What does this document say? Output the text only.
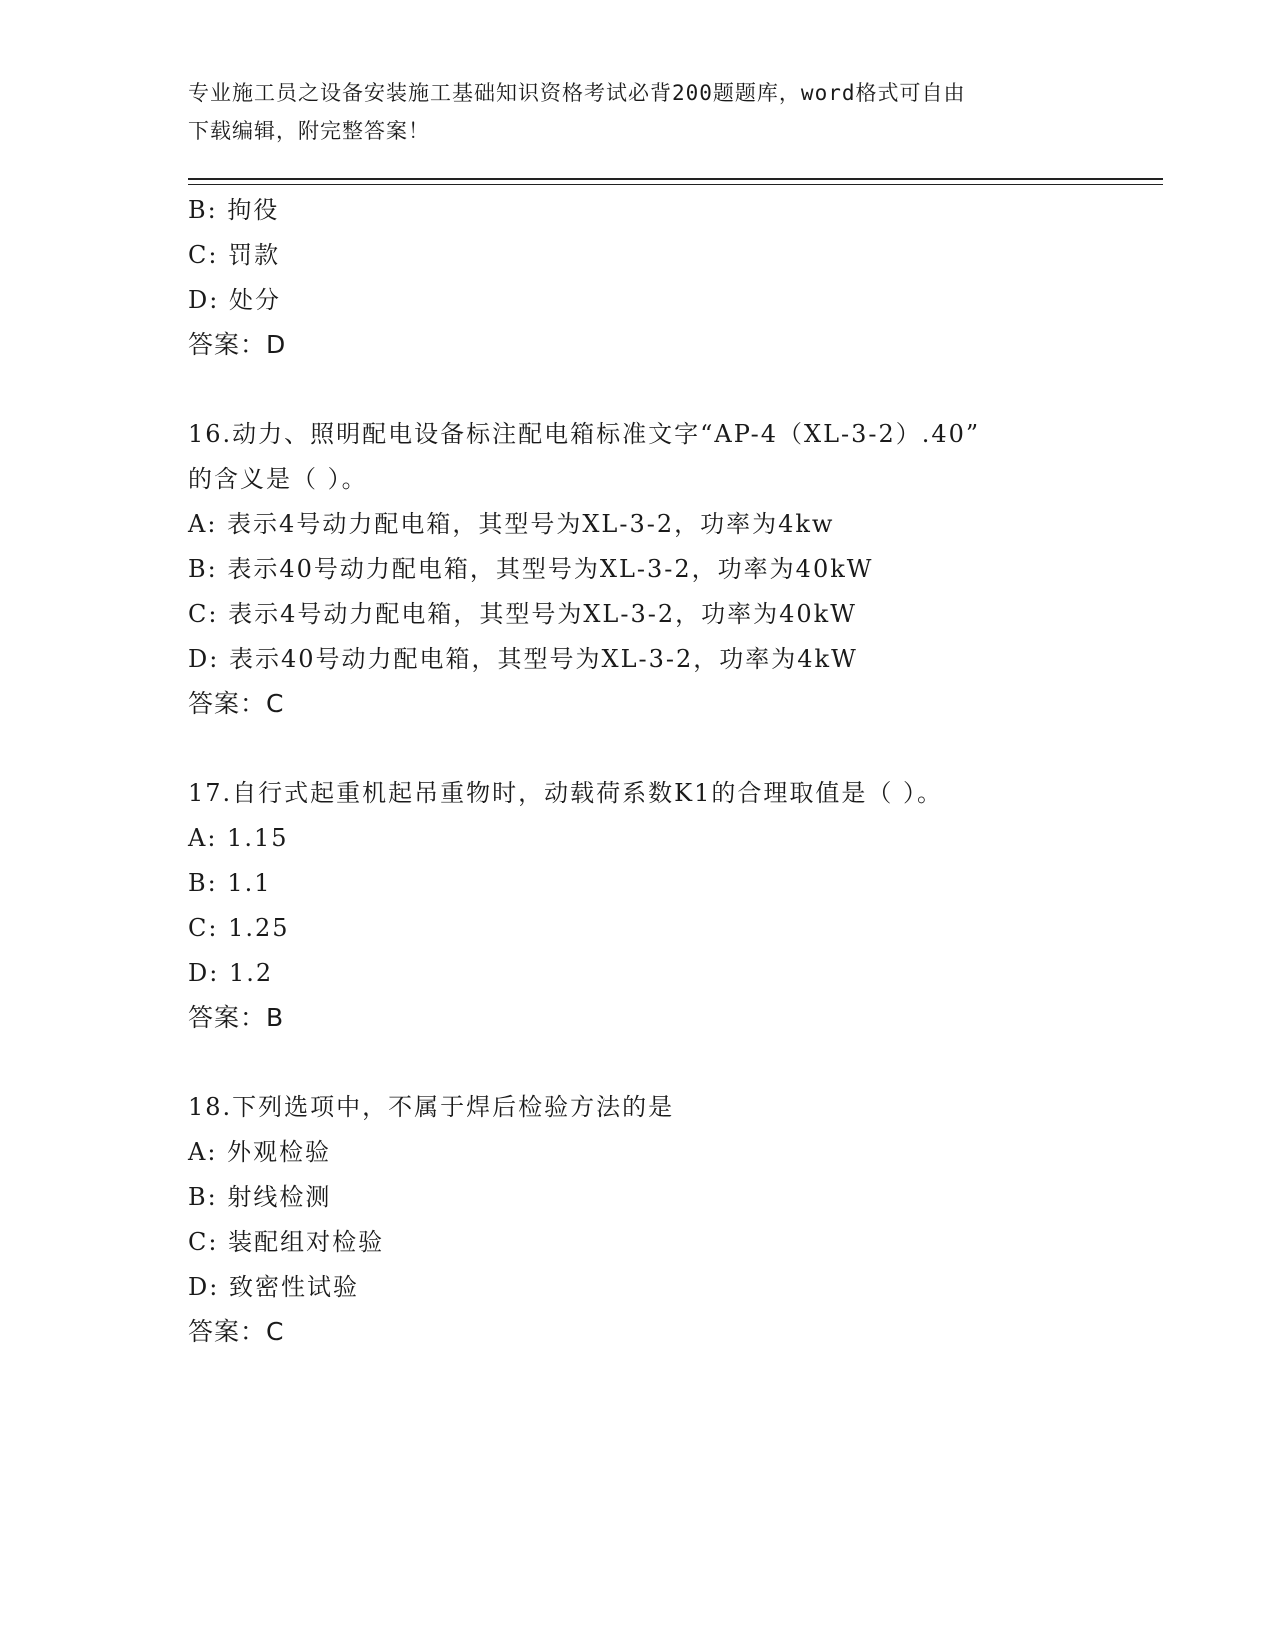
专业施工员之设备安装施工基础知识资格考试必背200题题库，word格式可自由
下载编辑，附完整答案！
B: 拘役
C: 罚款
D: 处分
答案：D
16.动力、照明配电设备标注配电箱标准文字“AP-4（XL-3-2）.40”
的含义是（ ）。
A: 表示4号动力配电箱，其型号为XL-3-2，功率为4kw
B: 表示40号动力配电箱，其型号为XL-3-2，功率为40kW
C: 表示4号动力配电箱，其型号为XL-3-2，功率为40kW
D: 表示40号动力配电箱，其型号为XL-3-2，功率为4kW
答案：C
17.自行式起重机起吊重物时，动载荷系数K1的合理取值是（ ）。
A: 1.15
B: 1.1
C: 1.25
D: 1.2
答案：B
18.下列选项中，不属于焊后检验方法的是
A: 外观检验
B: 射线检测
C: 装配组对检验
D: 致密性试验
答案：C
